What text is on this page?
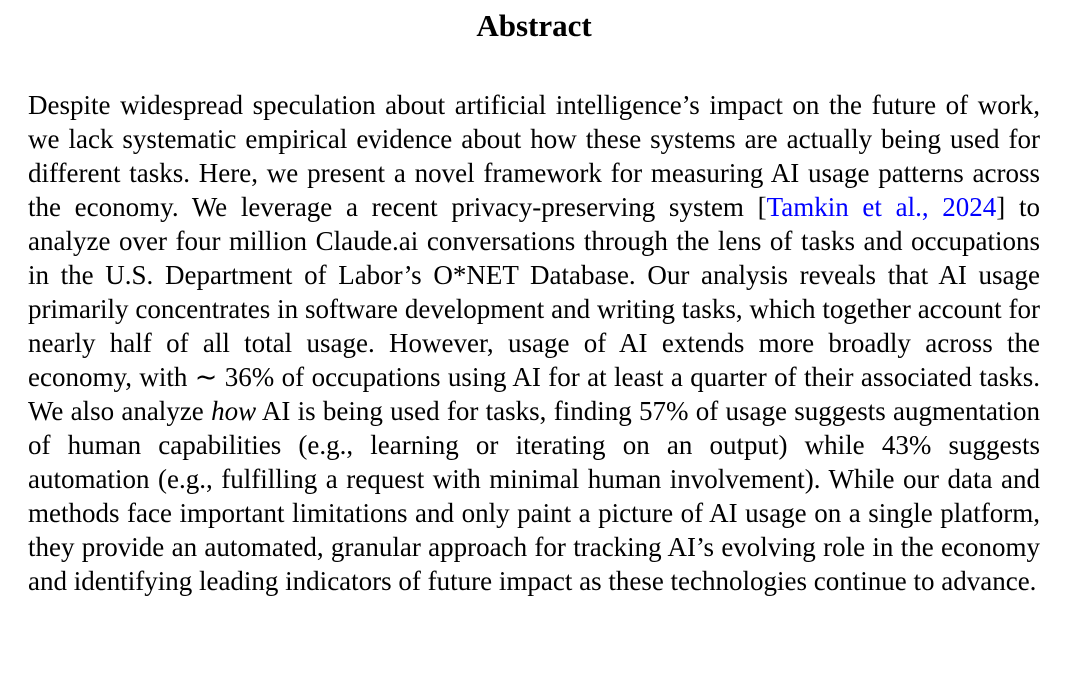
Abstract

Despite widespread speculation about artificial intelligence’s impact on the future of work, we lack systematic empirical evidence about how these systems are actually being used for different tasks. Here, we present a novel framework for measuring AI usage patterns across the economy. We leverage a recent privacy-preserving system [Tamkin et al., 2024] to analyze over four million Claude.ai conversations through the lens of tasks and occupations in the U.S. Department of Labor’s O*NET Database. Our analysis reveals that AI usage primarily concentrates in software development and writing tasks, which together account for nearly half of all total usage. However, usage of AI extends more broadly across the economy, with ∼ 36% of occupations using AI for at least a quarter of their associated tasks. We also analyze how AI is being used for tasks, finding 57% of usage suggests augmentation of human capabilities (e.g., learning or iterating on an output) while 43% suggests automation (e.g., fulfilling a request with minimal human involvement). While our data and methods face important limitations and only paint a picture of AI usage on a single platform, they provide an automated, granular approach for tracking AI’s evolving role in the economy and identifying leading indicators of future impact as these technologies continue to advance.
